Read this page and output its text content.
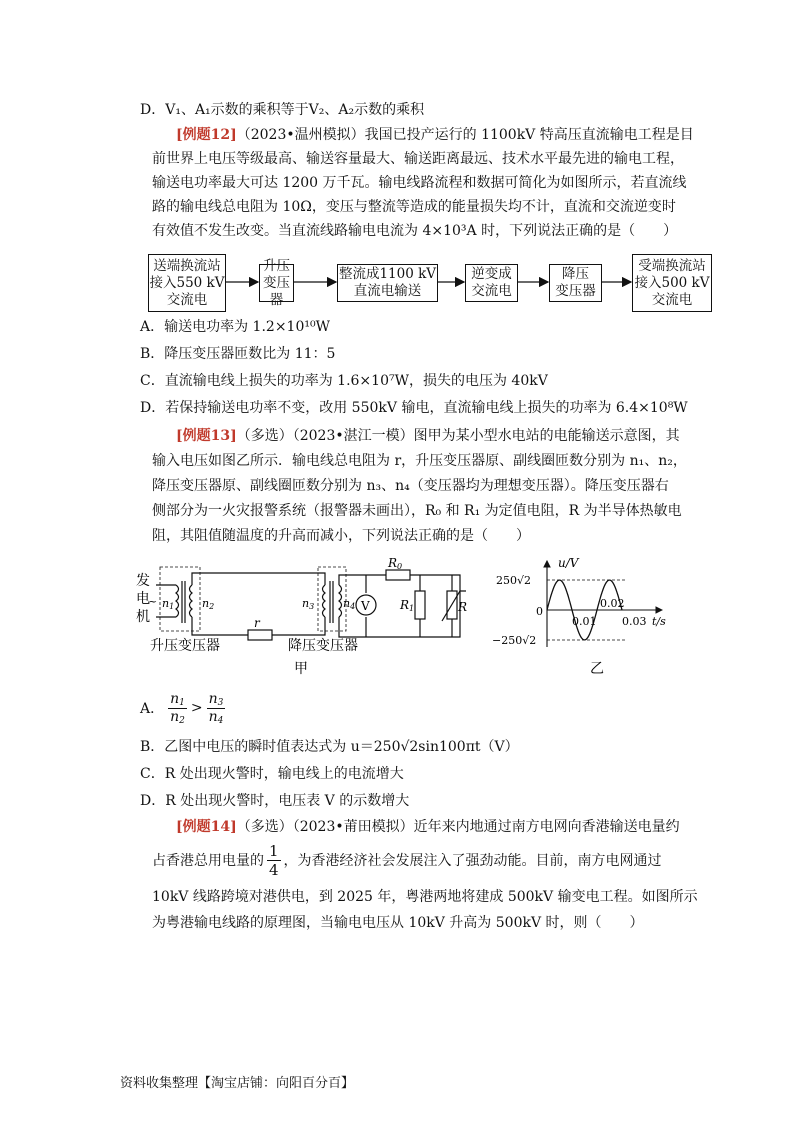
D．V₁、A₁示数的乘积等于V₂、A₂示数的乘积
[例题12]（2023•温州模拟）我国已投产运行的 1100kV 特高压直流输电工程是目
前世界上电压等级最高、输送容量最大、输送距离最远、技术水平最先进的输电工程，
输送电功率最大可达 1200 万千瓦。输电线路流程和数据可简化为如图所示，若直流线
路的输电线总电阻为 10Ω，变压与整流等造成的能量损失均不计，直流和交流逆变时
有效值不发生改变。当直流线路输电电流为 4×10³A 时，下列说法正确的是（　　）
送端换流站
接入550 kV
交流电
升压
变压器
整流成1100 kV
直流电输送
逆变成
交流电
降压
变压器
受端换流站
接入500 kV
交流电
A．输送电功率为 1.2×10¹⁰W
B．降压变压器匝数比为 11：5
C．直流输电线上损失的功率为 1.6×10⁷W，损失的电压为 40kV
D．若保持输送电功率不变，改用 550kV 输电，直流输电线上损失的功率为 6.4×10⁸W
[例题13]（多选）（2023•湛江一模）图甲为某小型水电站的电能输送示意图，其
输入电压如图乙所示．输电线总电阻为 r，升压变压器原、副线圈匝数分别为 n₁、n₂，
降压变压器原、副线圈匝数分别为 n₃、n₄（变压器均为理想变压器）。降压变压器右
侧部分为一火灾报警系统（报警器未画出），R₀ 和 R₁ 为定值电阻，R 为半导体热敏电
阻，其阻值随温度的升高而减小，下列说法正确的是（　　）
发
电
机
~ n1	n2
r
n3	n4 V
R0
R1	R
升压变压器	降压变压器
甲
u/V
250√2
−250√2
0
0.01
0.02
0.03 t/s
乙
A．
$n_1$
$n_2$
>
$n_3$
$n_4$
B．乙图中电压的瞬时值表达式为 u＝250√2sin100πt（V）
C．R 处出现火警时，输电线上的电流增大
D．R 处出现火警时，电压表 V 的示数增大
[例题14]（多选）（2023•莆田模拟）近年来内地通过南方电网向香港输送电量约
占香港总用电量的
1
4 ，为香港经济社会发展注入了强劲动能。目前，南方电网通过
10kV 线路跨境对港供电，到 2025 年，粤港两地将建成 500kV 输变电工程。如图所示
为粤港输电线路的原理图，当输电电压从 10kV 升高为 500kV 时，则（　　）
资料收集整理【淘宝店铺：向阳百分百】
